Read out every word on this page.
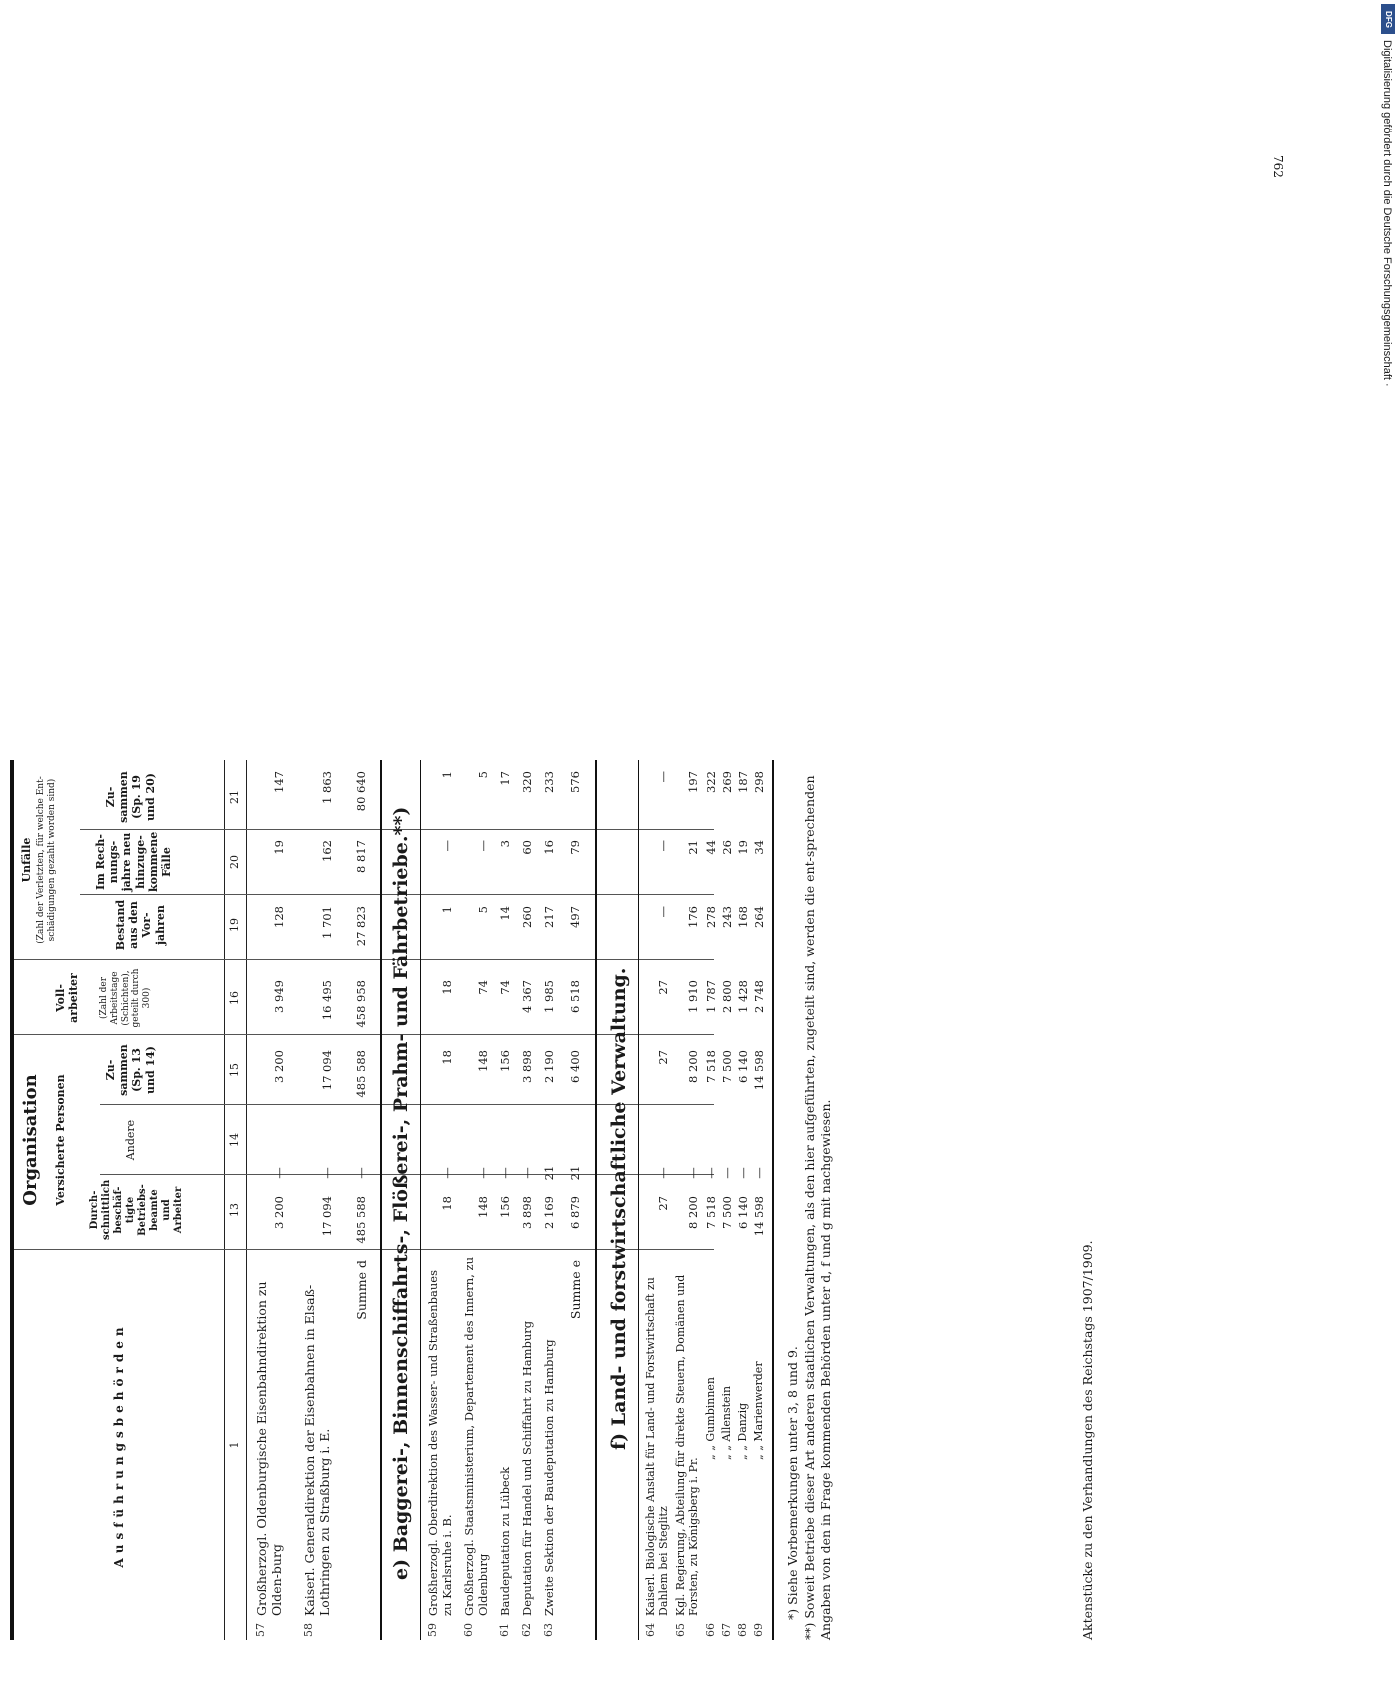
Ausführungsbehörden
Organisation Versicherte Personen
Durch-schnittlich beschäf-tigte Betriebs-beamte und Arbeiter
Andere
Zu-sammen (Sp. 13 und 14)
Voll-arbeiter (Zahl der Arbeitstage (Schichten), geteilt durch 300)
Unfälle (Zahl der Verletzten, für welche Ent-schädigungen gezahlt worden sind)	Bestand aus den Vor-jahren
Im Rech-nungs-jahre neu hinzuge-kommene Fälle
Zu-sammen (Sp. 19 und 20)
1
13
14
15
16
19
20
21
57
Großherzogl. Oldenburgische Eisenbahndirektion zu Olden-burg
3 200
—
3 200
3 949
128
19
147
58
Kaiserl. Generaldirektion der Eisenbahnen in Elsaß-Lothringen zu Straßburg i. E.
17 094
—
17 094
16 495
1 701
162
1 863
Summe d
485 588
—
485 588
458 958
27 823
8 817
80 640
e) Baggerei-, Binnenschiffahrts-, Flößerei-, Prahm- und Fährbetriebe.**)
59
Großherzogl. Oberdirektion des Wasser- und Straßenbaues zu Karlsruhe i. B.
18
—
18
18
1
—
1
60
Großherzogl. Staatsministerium, Departement des Innern, zu Oldenburg
148
—
148
74
5
—
5
61
Baudeputation zu Lübeck
156
—
156
74
14
3
17
62
Deputation für Handel und Schiffahrt zu Hamburg
3 898
—
3 898
4 367
260
60
320
63
Zweite Sektion der Baudeputation zu Hamburg
2 169
21
2 190
1 985
217
16
233
Summe e
6 879
21
6 400
6 518
497
79
576
f) Land- und forstwirtschaftliche Verwaltung.
64
Kaiserl. Biologische Anstalt für Land- und Forstwirtschaft zu Dahlem bei Steglitz
27
—
27
27
—
—
—
65
Kgl. Regierung, Abteilung für direkte Steuern, Domänen und Forsten, zu Königsberg i. Pr.
8 200
—
8 200
1 910
176
21
197
66
„ „ Gumbinnen
7 518
—
7 518
1 787
278
44
322
67
„ „ Allenstein
7 500
—
7 500
2 800
243
26
269
68
„ „ Danzig
6 140
—
6 140
1 428
168
19
187
69
„ „ Marienwerder
14 598
—
14 598
2 748
264
34
298
*) Siehe Vorbemerkungen unter 3, 8 und 9. **) Soweit Betriebe dieser Art anderen staatlichen Verwaltungen, als den hier aufgeführten, zugeteilt sind, werden die ent-sprechenden Angaben von den in Frage kommenden Behörden unter d, f und g mit nachgewiesen.	Aktenstücke zu den Verhandlungen des Reichstags 1907/1909.
762
DFG
Digitalisierung gefördert durch die Deutsche Forschungsgemeinschaft ·
